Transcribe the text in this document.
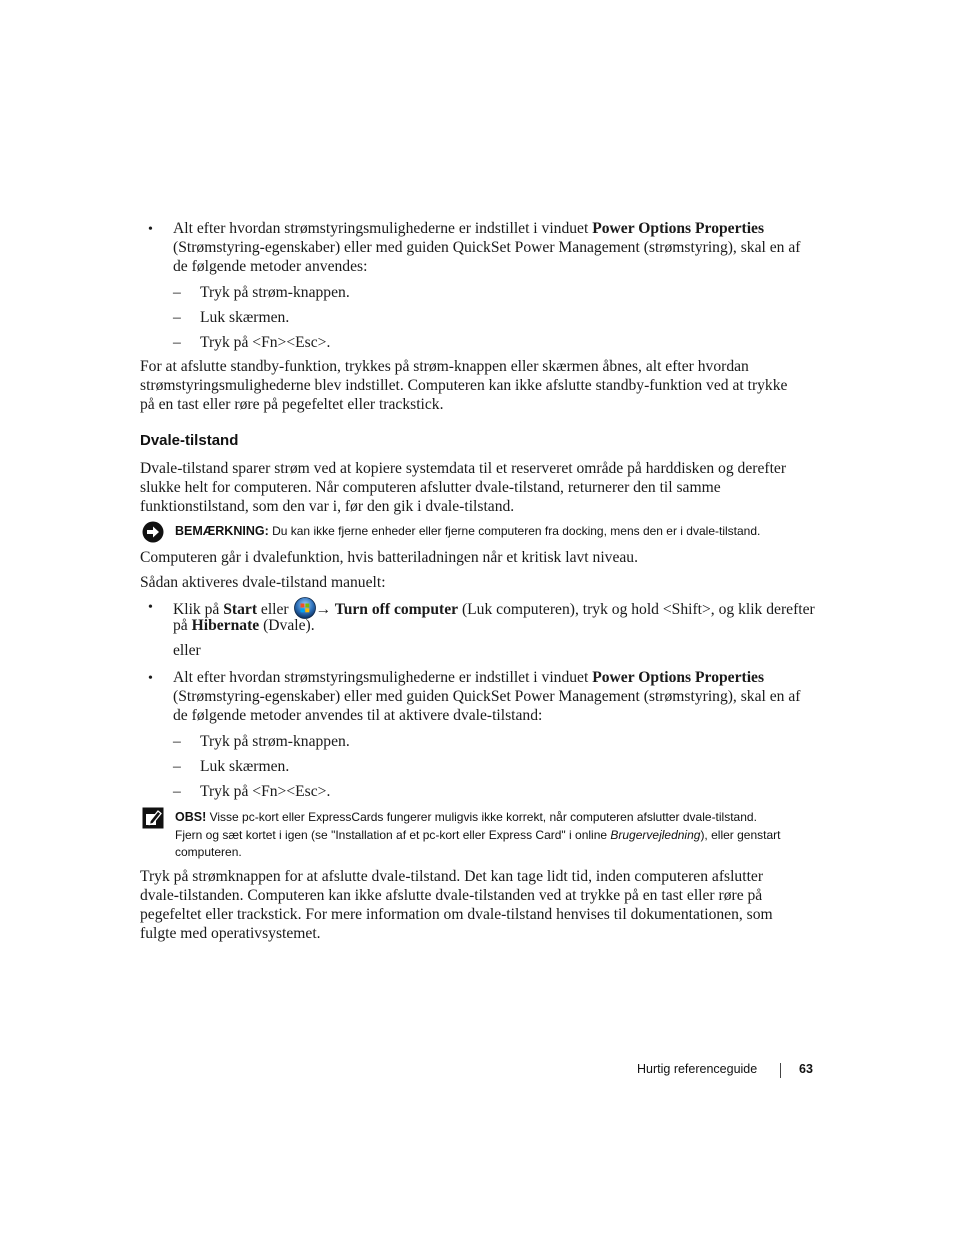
• Alt efter hvordan strømstyringsmulighederne er indstillet i vinduet Power Options Properties
(Strømstyring-egenskaber) eller med guiden QuickSet Power Management (strømstyring), skal en af
de følgende metoder anvendes:
– Tryk på strøm-knappen.
– Luk skærmen.
– Tryk på <Fn><Esc>.
For at afslutte standby-funktion, trykkes på strøm-knappen eller skærmen åbnes, alt efter hvordan
strømstyringsmulighederne blev indstillet. Computeren kan ikke afslutte standby-funktion ved at trykke
på en tast eller røre på pegefeltet eller trackstick.
Dvale-tilstand
Dvale-tilstand sparer strøm ved at kopiere systemdata til et reserveret område på harddisken og derefter
slukke helt for computeren. Når computeren afslutter dvale-tilstand, returnerer den til samme
funktionstilstand, som den var i, før den gik i dvale-tilstand.
BEMÆRKNING: Du kan ikke fjerne enheder eller fjerne computeren fra docking, mens den er i dvale-tilstand.
Computeren går i dvalefunktion, hvis batteriladningen når et kritisk lavt niveau.
Sådan aktiveres dvale-tilstand manuelt:
• Klik på Start eller → Turn off computer (Luk computeren), tryk og hold <Shift>, og klik derefter
på Hibernate (Dvale).
eller
• Alt efter hvordan strømstyringsmulighederne er indstillet i vinduet Power Options Properties
(Strømstyring-egenskaber) eller med guiden QuickSet Power Management (strømstyring), skal en af
de følgende metoder anvendes til at aktivere dvale-tilstand:
– Tryk på strøm-knappen.
– Luk skærmen.
– Tryk på <Fn><Esc>.
OBS! Visse pc-kort eller ExpressCards fungerer muligvis ikke korrekt, når computeren afslutter dvale-tilstand.
Fjern og sæt kortet i igen (se "Installation af et pc-kort eller Express Card" i onlinе Brugervejledning), eller genstart
computeren.
Tryk på strømknappen for at afslutte dvale-tilstand. Det kan tage lidt tid, inden computeren afslutter
dvale-tilstanden. Computeren kan ikke afslutte dvale-tilstanden ved at trykke på en tast eller røre på
pegefeltet eller trackstick. For mere information om dvale-tilstand henvises til dokumentationen, som
fulgte med operativsystemet.
Hurtig referenceguide	63
